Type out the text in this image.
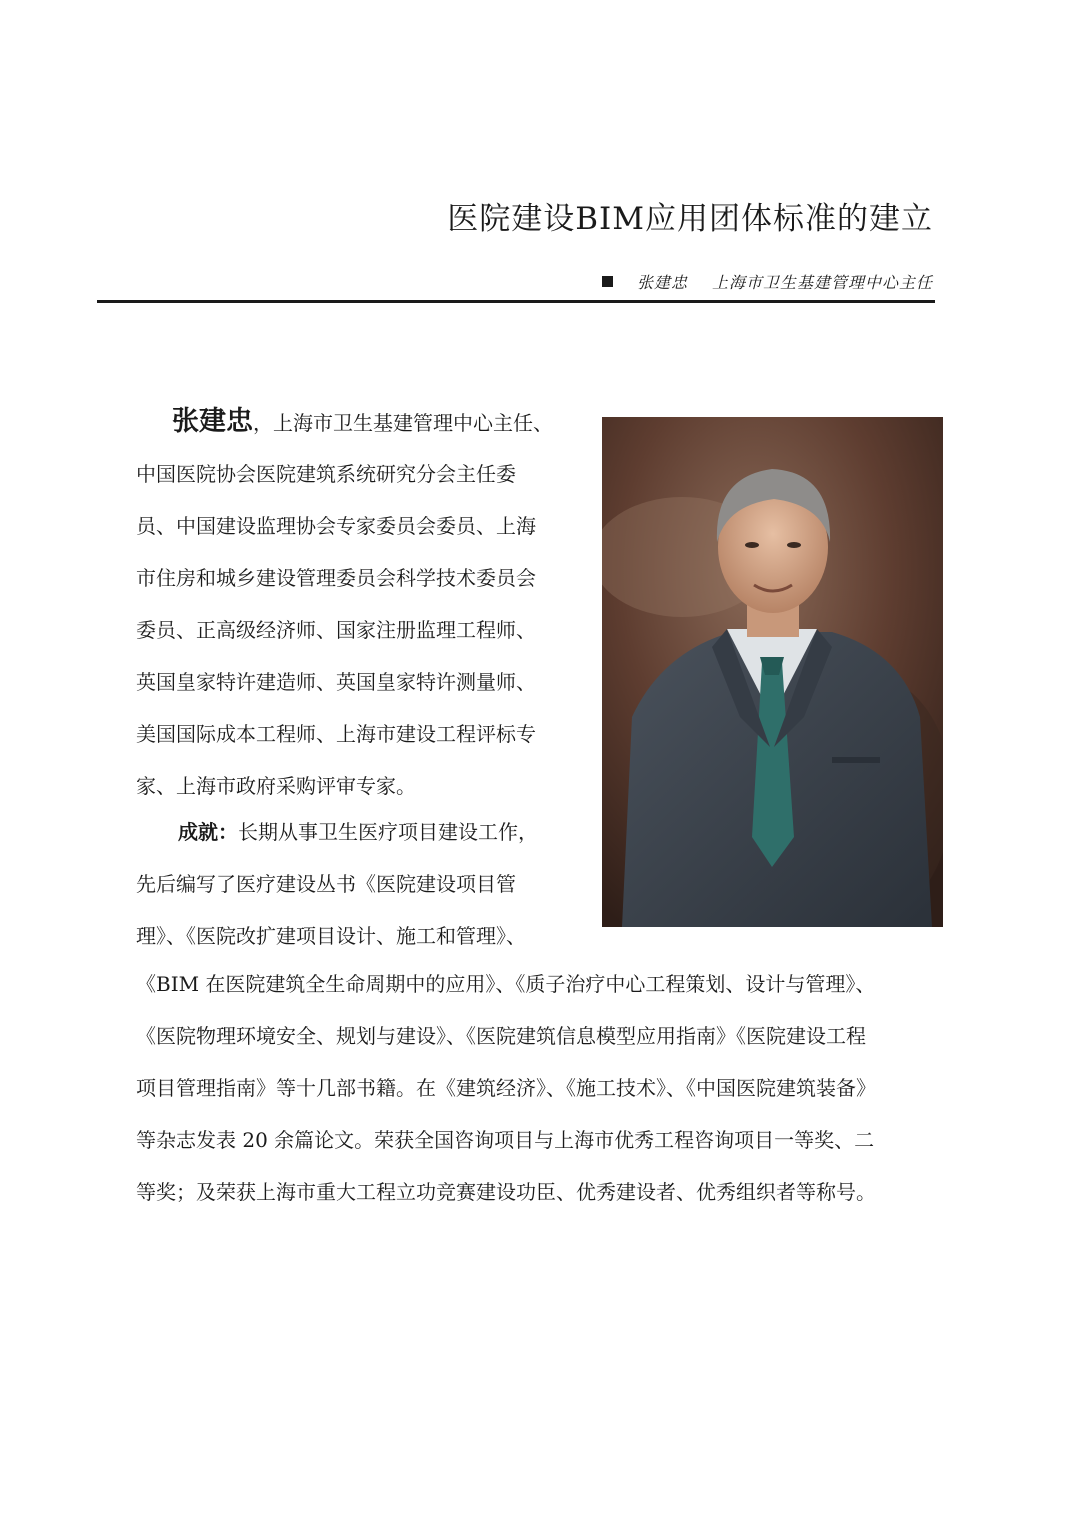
医院建设BIM应用团体标准的建立
张建忠 上海市卫生基建管理中心主任
张建忠，上海市卫生基建管理中心主任、
中国医院协会医院建筑系统研究分会主任委
员、中国建设监理协会专家委员会委员、上海
市住房和城乡建设管理委员会科学技术委员会
委员、正高级经济师、国家注册监理工程师、
英国皇家特许建造师、英国皇家特许测量师、
美国国际成本工程师、上海市建设工程评标专
家、上海市政府采购评审专家。
成就：长期从事卫生医疗项目建设工作，
先后编写了医疗建设丛书《医院建设项目管
理》、《医院改扩建项目设计、施工和管理》、
《BIM 在医院建筑全生命周期中的应用》、《质子治疗中心工程策划、设计与管理》、
《医院物理环境安全、规划与建设》、《医院建筑信息模型应用指南》《医院建设工程
项目管理指南》等十几部书籍。在《建筑经济》、《施工技术》、《中国医院建筑装备》
等杂志发表 20 余篇论文。荣获全国咨询项目与上海市优秀工程咨询项目一等奖、二
等奖；及荣获上海市重大工程立功竞赛建设功臣、优秀建设者、优秀组织者等称号。
